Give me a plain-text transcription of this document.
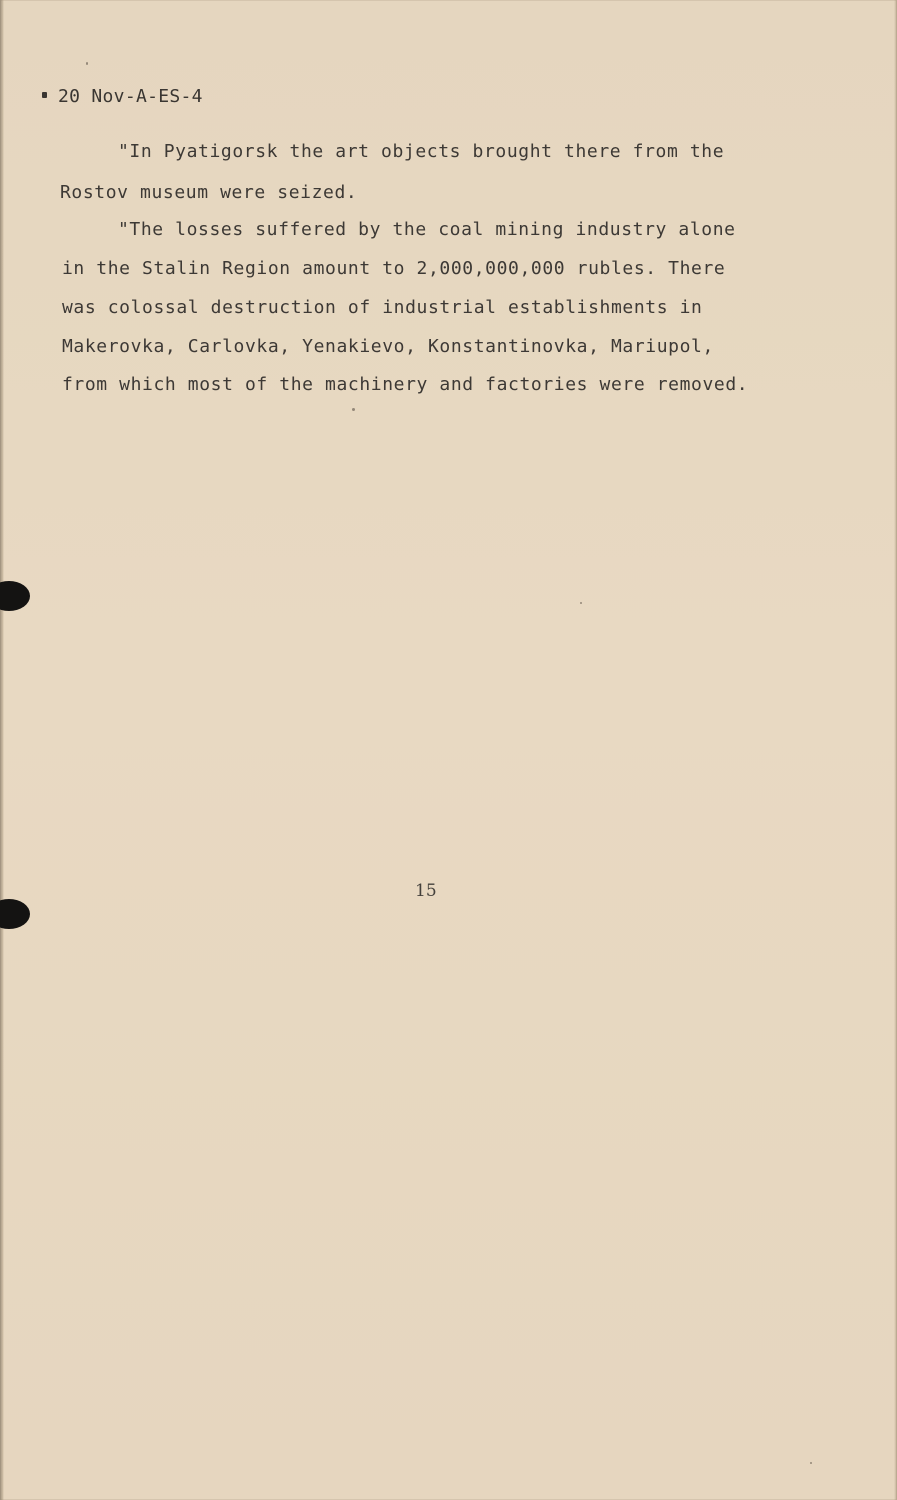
20 Nov-A-ES-4
"In Pyatigorsk the art objects brought there from the
Rostov museum were seized.
"The losses suffered by the coal mining industry alone
in the Stalin Region amount to 2,000,000,000 rubles. There
was colossal destruction of industrial establishments in
Makerovka, Carlovka, Yenakievo, Konstantinovka, Mariupol,
from which most of the machinery and factories were removed.
15
